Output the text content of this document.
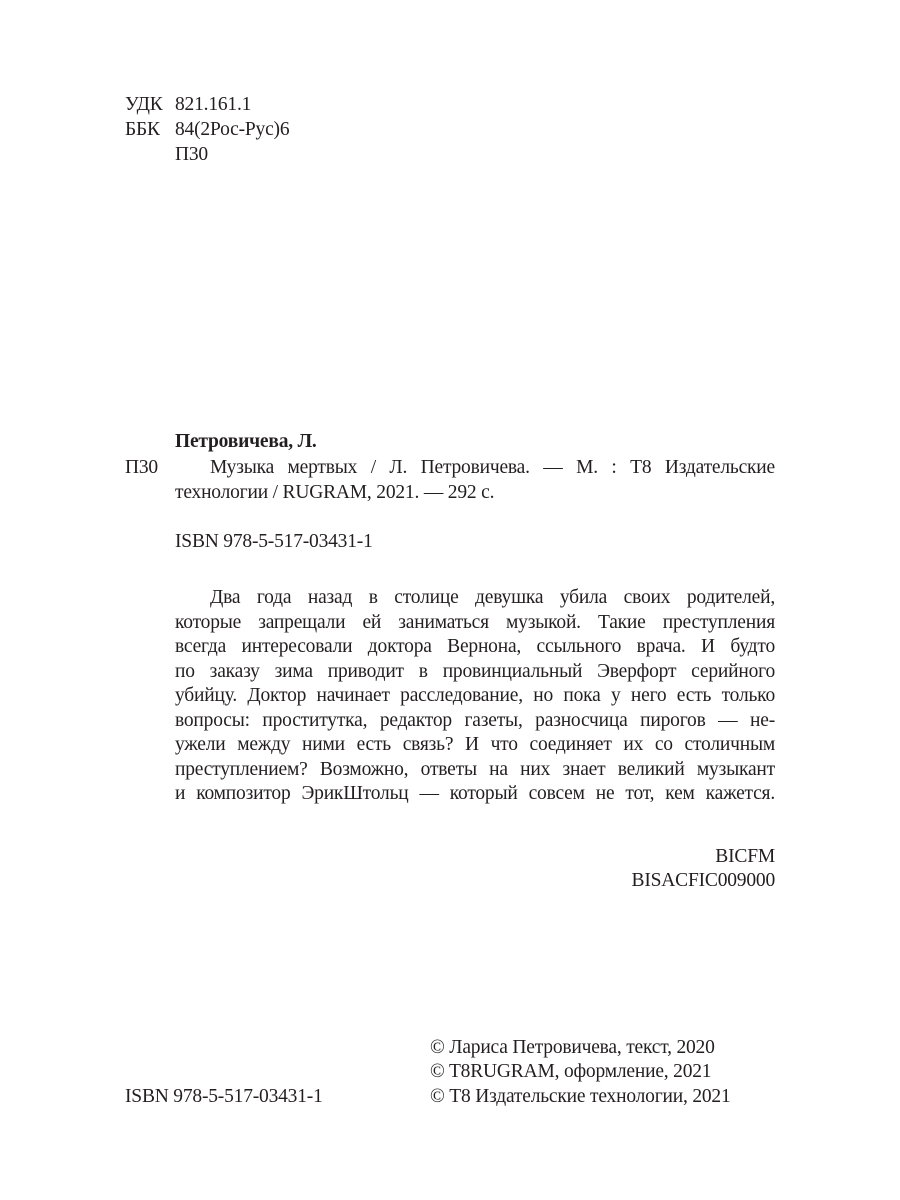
УДК 821.161.1
ББК 84(2Рос-Рус)6
П30
Петровичева, Л.
П30	Музыка мертвых / Л. Петровичева. — М. : Т8 Издательские
технологии / RUGRAM, 2021. — 292 с.
ISBN 978-5-517-03431-1
Два года назад в столице девушка убила своих родителей,
которые запрещали ей заниматься музыкой. Такие преступления
всегда интересовали доктора Вернона, ссыльного врача. И будто
по заказу зима приводит в провинциальный Эверфорт серийного
убийцу. Доктор начинает расследование, но пока у него есть только
вопросы: проститутка, редактор газеты, разносчица пирогов — не-
ужели между ними есть связь? И что соединяет их со столичным
преступлением? Возможно, ответы на них знает великий музыкант
и композитор ЭрикШтольц — который совсем не тот, кем кажется.
BICFM
BISACFIC009000
© Лариса Петровичева, текст, 2020
© T8RUGRAM, оформление, 2021
© Т8 Издательские технологии, 2021
ISBN 978-5-517-03431-1
